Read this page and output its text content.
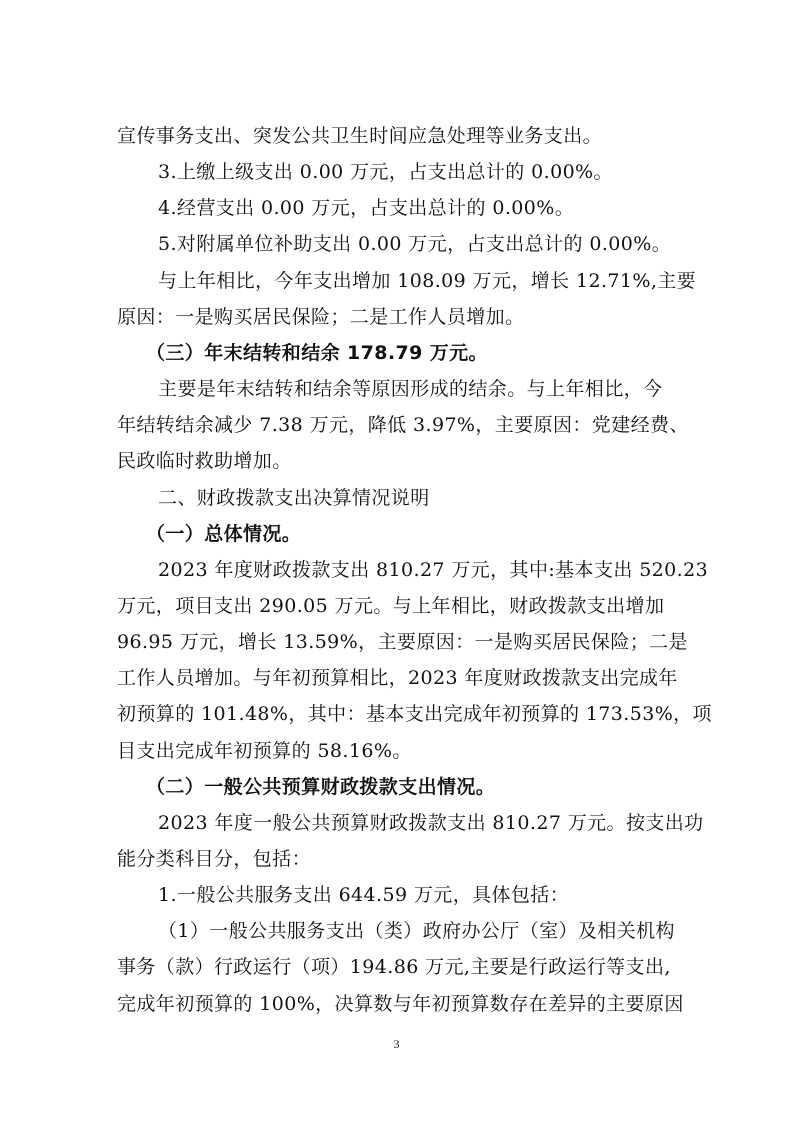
宣传事务支出、突发公共卫生时间应急处理等业务支出。
3.上缴上级支出 0.00 万元，占支出总计的 0.00%。
4.经营支出 0.00 万元，占支出总计的 0.00%。
5.对附属单位补助支出 0.00 万元，占支出总计的 0.00%。
与上年相比，今年支出增加 108.09 万元，增长 12.71%,主要
原因：一是购买居民保险；二是工作人员增加。
（三）年末结转和结余 178.79 万元。
主要是年末结转和结余等原因形成的结余。与上年相比，今
年结转结余减少 7.38 万元，降低 3.97%，主要原因：党建经费、
民政临时救助增加。
二、财政拨款支出决算情况说明
（一）总体情况。
2023 年度财政拨款支出 810.27 万元，其中:基本支出 520.23
万元，项目支出 290.05 万元。与上年相比，财政拨款支出增加
96.95 万元，增长 13.59%，主要原因：一是购买居民保险；二是
工作人员增加。与年初预算相比，2023 年度财政拨款支出完成年
初预算的 101.48%，其中：基本支出完成年初预算的 173.53%，项
目支出完成年初预算的 58.16%。
（二）一般公共预算财政拨款支出情况。
2023 年度一般公共预算财政拨款支出 810.27 万元。按支出功
能分类科目分，包括：
1.一般公共服务支出 644.59 万元，具体包括：
（1）一般公共服务支出（类）政府办公厅（室）及相关机构
事务（款）行政运行（项）194.86 万元,主要是行政运行等支出,
完成年初预算的 100%，决算数与年初预算数存在差异的主要原因
3
